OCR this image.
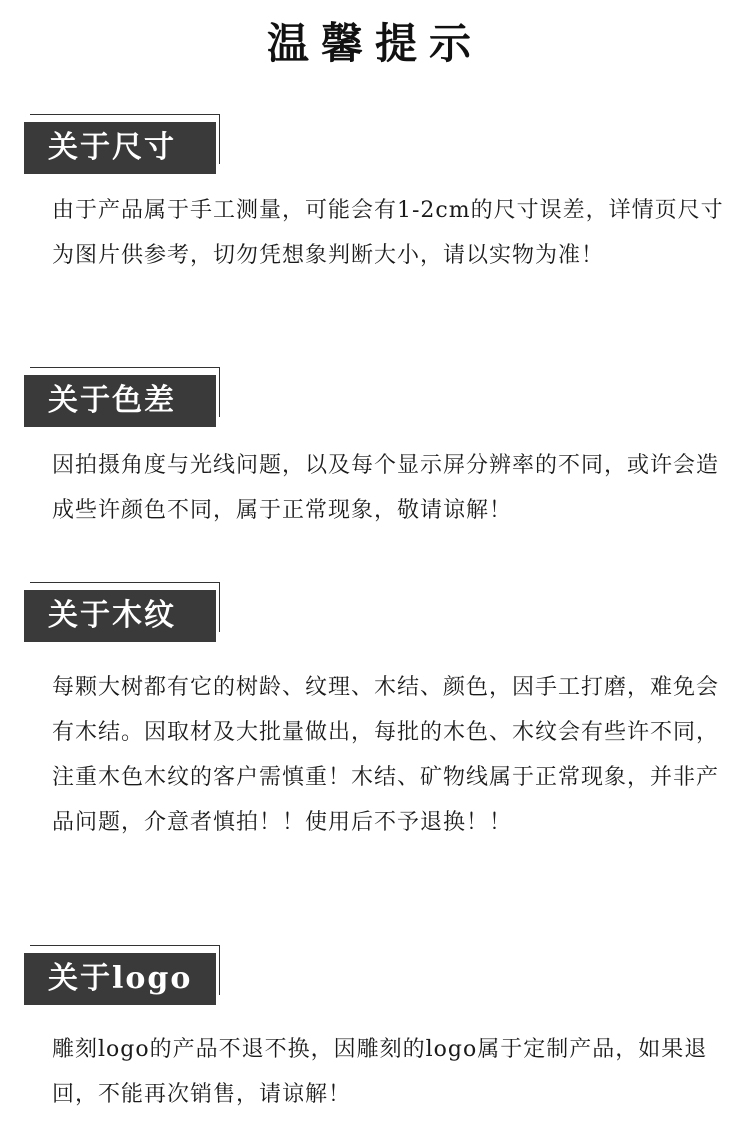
温馨提示
关于尺寸
由于产品属于手工测量，可能会有1-2cm的尺寸误差，详情页尺寸为图片供参考，切勿凭想象判断大小，请以实物为准！
关于色差
因拍摄角度与光线问题，以及每个显示屏分辨率的不同，或许会造成些许颜色不同，属于正常现象，敬请谅解！
关于木纹
每颗大树都有它的树龄、纹理、木结、颜色，因手工打磨，难免会有木结。因取材及大批量做出，每批的木色、木纹会有些许不同，注重木色木纹的客户需慎重！木结、矿物线属于正常现象，并非产品问题，介意者慎拍！！使用后不予退换！！
关于logo
雕刻logo的产品不退不换，因雕刻的logo属于定制产品，如果退回，不能再次销售，请谅解！
